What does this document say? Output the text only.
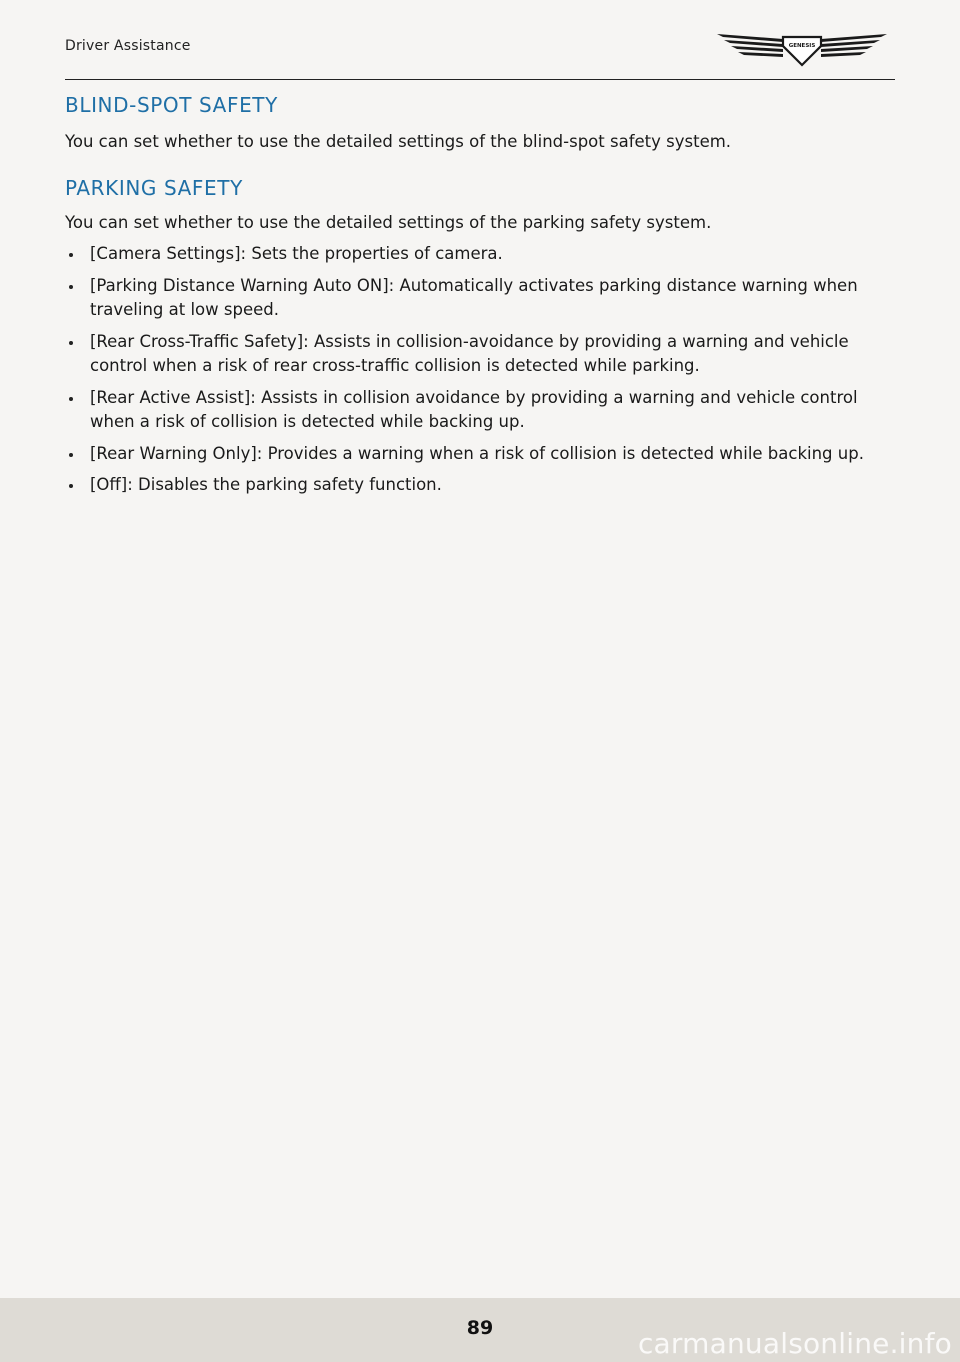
Driver Assistance	GENESIS
BLIND-SPOT SAFETY

You can set whether to use the detailed settings of the blind-spot safety system.

PARKING SAFETY

You can set whether to use the detailed settings of the parking safety system.

[Camera Settings]: Sets the properties of camera.
[Parking Distance Warning Auto ON]: Automatically activates parking distance warning when traveling at low speed.
[Rear Cross-Traffic Safety]: Assists in collision-avoidance by providing a warning and vehicle control when a risk of rear cross-traffic collision is detected while parking.
[Rear Active Assist]: Assists in collision avoidance by providing a warning and vehicle control when a risk of collision is detected while backing up.
[Rear Warning Only]: Provides a warning when a risk of collision is detected while backing up.
[Off]: Disables the parking safety function.
89	carmanualsonline.info
